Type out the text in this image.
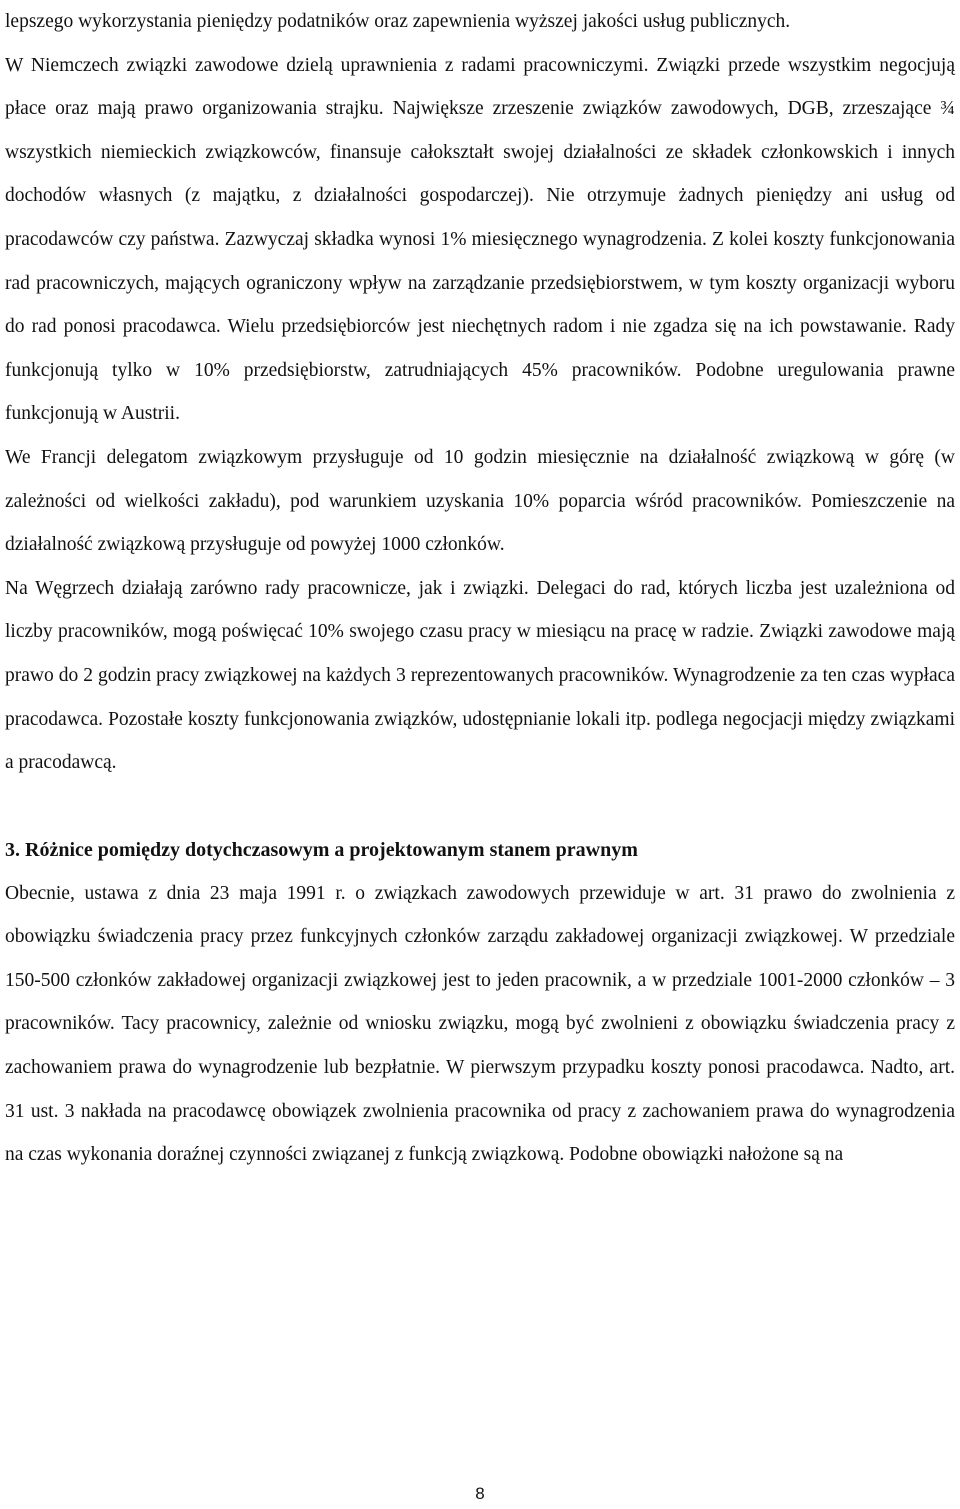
lepszego wykorzystania pieniędzy podatników oraz zapewnienia wyższej jakości usług publicznych.

W Niemczech związki zawodowe dzielą uprawnienia z radami pracowniczymi. Związki przede wszystkim negocjują płace oraz mają prawo organizowania strajku. Największe zrzeszenie związków zawodowych, DGB, zrzeszające ¾ wszystkich niemieckich związkowców, finansuje całokształt swojej działalności ze składek członkowskich i innych dochodów własnych (z majątku, z działalności gospodarczej). Nie otrzymuje żadnych pieniędzy ani usług od pracodawców czy państwa. Zazwyczaj składka wynosi 1% miesięcznego wynagrodzenia. Z kolei koszty funkcjonowania rad pracowniczych, mających ograniczony wpływ na zarządzanie przedsiębiorstwem, w tym koszty organizacji wyboru do rad ponosi pracodawca. Wielu przedsiębiorców jest niechętnych radom i nie zgadza się na ich powstawanie. Rady funkcjonują tylko w 10% przedsiębiorstw, zatrudniających 45% pracowników. Podobne uregulowania prawne funkcjonują w Austrii.

We Francji delegatom związkowym przysługuje od 10 godzin miesięcznie na działalność związkową w górę (w zależności od wielkości zakładu), pod warunkiem uzyskania 10% poparcia wśród pracowników. Pomieszczenie na działalność związkową przysługuje od powyżej 1000 członków.

Na Węgrzech działają zarówno rady pracownicze, jak i związki. Delegaci do rad, których liczba jest uzależniona od liczby pracowników, mogą poświęcać 10% swojego czasu pracy w miesiącu na pracę w radzie. Związki zawodowe mają prawo do 2 godzin pracy związkowej na każdych 3 reprezentowanych pracowników. Wynagrodzenie za ten czas wypłaca pracodawca. Pozostałe koszty funkcjonowania związków, udostępnianie lokali itp. podlega negocjacji między związkami a pracodawcą.

3. Różnice pomiędzy dotychczasowym a projektowanym stanem prawnym

Obecnie, ustawa z dnia 23 maja 1991 r. o związkach zawodowych przewiduje w art. 31 prawo do zwolnienia z obowiązku świadczenia pracy przez funkcyjnych członków zarządu zakładowej organizacji związkowej. W przedziale 150-500 członków zakładowej organizacji związkowej jest to jeden pracownik, a w przedziale 1001-2000 członków – 3 pracowników. Tacy pracownicy, zależnie od wniosku związku, mogą być zwolnieni z obowiązku świadczenia pracy z zachowaniem prawa do wynagrodzenie lub bezpłatnie. W pierwszym przypadku koszty ponosi pracodawca. Nadto, art. 31 ust. 3 nakłada na pracodawcę obowiązek zwolnienia pracownika od pracy z zachowaniem prawa do wynagrodzenia na czas wykonania doraźnej czynności związanej z funkcją związkową. Podobne obowiązki nałożone są na

8
